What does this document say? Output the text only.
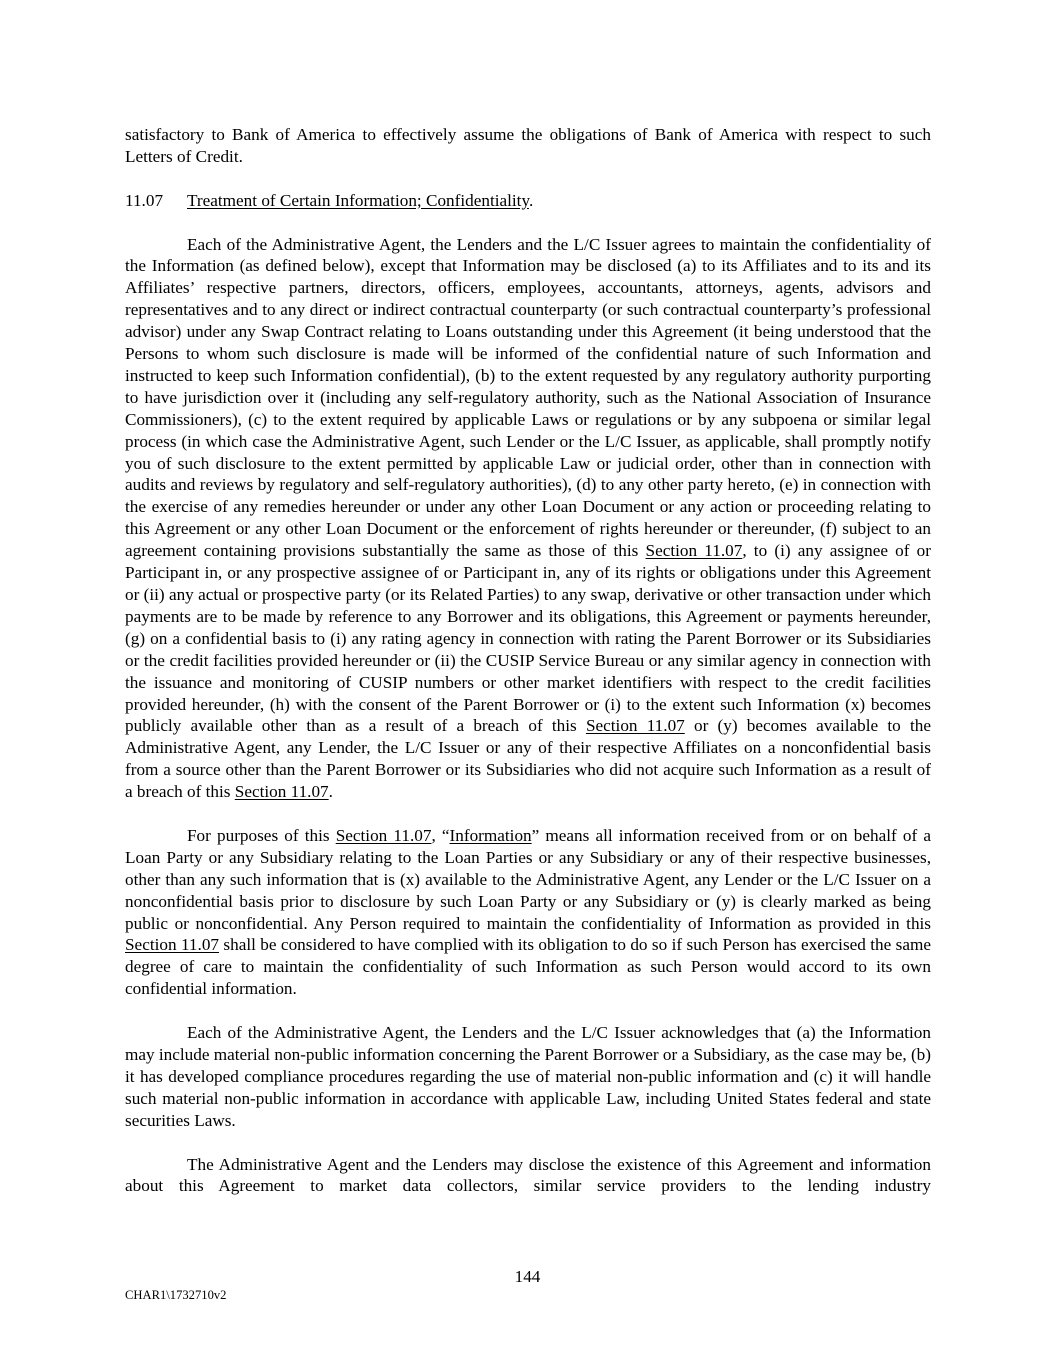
satisfactory to Bank of America to effectively assume the obligations of Bank of America with respect to such Letters of Credit.

11.07 Treatment of Certain Information; Confidentiality.

Each of the Administrative Agent, the Lenders and the L/C Issuer agrees to maintain the confidentiality of the Information (as defined below), except that Information may be disclosed (a) to its Affiliates and to its and its Affiliates’ respective partners, directors, officers, employees, accountants, attorneys, agents, advisors and representatives and to any direct or indirect contractual counterparty (or such contractual counterparty’s professional advisor) under any Swap Contract relating to Loans outstanding under this Agreement (it being understood that the Persons to whom such disclosure is made will be informed of the confidential nature of such Information and instructed to keep such Information confidential), (b) to the extent requested by any regulatory authority purporting to have jurisdiction over it (including any self-regulatory authority, such as the National Association of Insurance Commissioners), (c) to the extent required by applicable Laws or regulations or by any subpoena or similar legal process (in which case the Administrative Agent, such Lender or the L/C Issuer, as applicable, shall promptly notify you of such disclosure to the extent permitted by applicable Law or judicial order, other than in connection with audits and reviews by regulatory and self-regulatory authorities), (d) to any other party hereto, (e) in connection with the exercise of any remedies hereunder or under any other Loan Document or any action or proceeding relating to this Agreement or any other Loan Document or the enforcement of rights hereunder or thereunder, (f) subject to an agreement containing provisions substantially the same as those of this Section 11.07, to (i) any assignee of or Participant in, or any prospective assignee of or Participant in, any of its rights or obligations under this Agreement or (ii) any actual or prospective party (or its Related Parties) to any swap, derivative or other transaction under which payments are to be made by reference to any Borrower and its obligations, this Agreement or payments hereunder, (g) on a confidential basis to (i) any rating agency in connection with rating the Parent Borrower or its Subsidiaries or the credit facilities provided hereunder or (ii) the CUSIP Service Bureau or any similar agency in connection with the issuance and monitoring of CUSIP numbers or other market identifiers with respect to the credit facilities provided hereunder, (h) with the consent of the Parent Borrower or (i) to the extent such Information (x) becomes publicly available other than as a result of a breach of this Section 11.07 or (y) becomes available to the Administrative Agent, any Lender, the L/C Issuer or any of their respective Affiliates on a nonconfidential basis from a source other than the Parent Borrower or its Subsidiaries who did not acquire such Information as a result of a breach of this Section 11.07.

For purposes of this Section 11.07, “Information” means all information received from or on behalf of a Loan Party or any Subsidiary relating to the Loan Parties or any Subsidiary or any of their respective businesses, other than any such information that is (x) available to the Administrative Agent, any Lender or the L/C Issuer on a nonconfidential basis prior to disclosure by such Loan Party or any Subsidiary or (y) is clearly marked as being public or nonconfidential. Any Person required to maintain the confidentiality of Information as provided in this Section 11.07 shall be considered to have complied with its obligation to do so if such Person has exercised the same degree of care to maintain the confidentiality of such Information as such Person would accord to its own confidential information.

Each of the Administrative Agent, the Lenders and the L/C Issuer acknowledges that (a) the Information may include material non-public information concerning the Parent Borrower or a Subsidiary, as the case may be, (b) it has developed compliance procedures regarding the use of material non-public information and (c) it will handle such material non-public information in accordance with applicable Law, including United States federal and state securities Laws.

The Administrative Agent and the Lenders may disclose the existence of this Agreement and information about this Agreement to market data collectors, similar service providers to the lending industry

144
CHAR1\1732710v2
